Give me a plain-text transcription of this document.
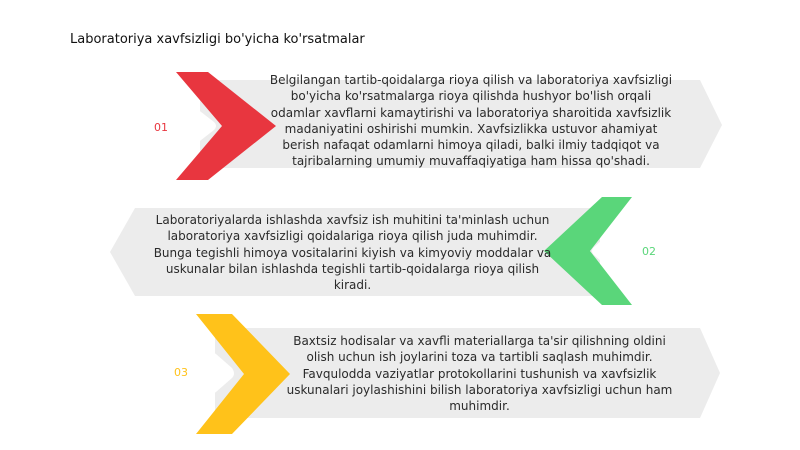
Laboratoriya xavfsizligi bo'yicha ko'rsatmalar
01
Belgilangan tartib-qoidalarga rioya qilish va laboratoriya xavfsizligi bo'yicha ko'rsatmalarga rioya qilishda hushyor bo'lish orqali odamlar xavflarni kamaytirishi va laboratoriya sharoitida xavfsizlik madaniyatini oshirishi mumkin. Xavfsizlikka ustuvor ahamiyat berish nafaqat odamlarni himoya qiladi, balki ilmiy tadqiqot va tajribalarning umumiy muvaffaqiyatiga ham hissa qo'shadi.
02
Laboratoriyalarda ishlashda xavfsiz ish muhitini ta'minlash uchun laboratoriya xavfsizligi qoidalariga rioya qilish juda muhimdir. Bunga tegishli himoya vositalarini kiyish va kimyoviy moddalar va uskunalar bilan ishlashda tegishli tartib-qoidalarga rioya qilish kiradi.
03
Baxtsiz hodisalar va xavfli materiallarga ta'sir qilishning oldini olish uchun ish joylarini toza va tartibli saqlash muhimdir. Favqulodda vaziyatlar protokollarini tushunish va xavfsizlik uskunalari joylashishini bilish laboratoriya xavfsizligi uchun ham muhimdir.
